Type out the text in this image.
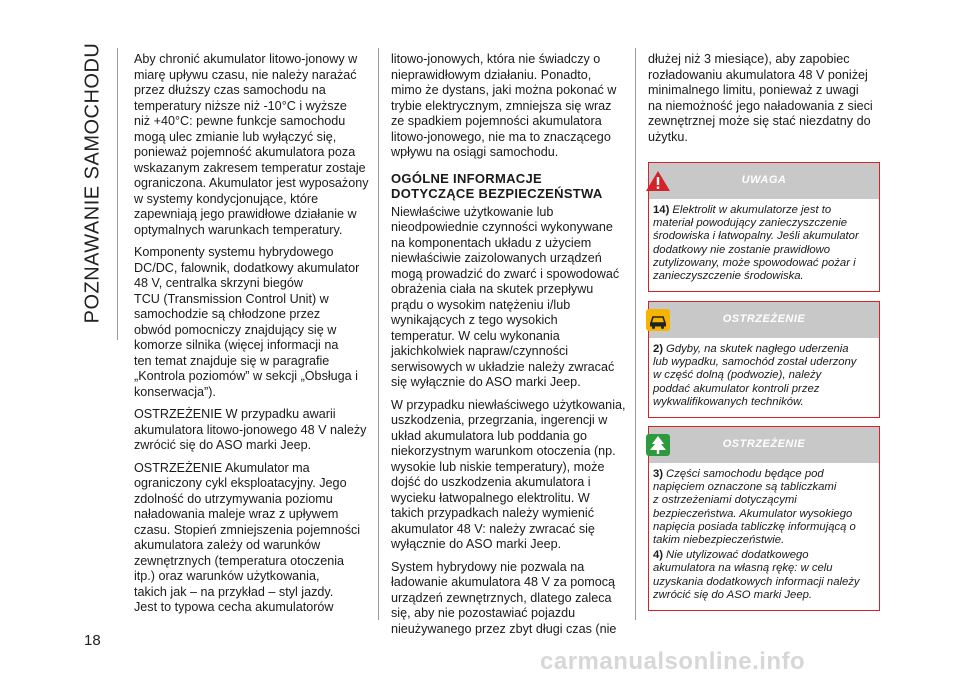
POZNAWANIE SAMOCHODU
18

Aby chronić akumulator litowo-jonowy w
miarę upływu czasu, nie należy narażać
przez dłuższy czas samochodu na
temperatury niższe niż -10°C i wyższe
niż +40°C: pewne funkcje samochodu
mogą ulec zmianie lub wyłączyć się,
ponieważ pojemność akumulatora poza
wskazanym zakresem temperatur zostaje
ograniczona. Akumulator jest wyposażony
w systemy kondycjonujące, które
zapewniają jego prawidłowe działanie w
optymalnych warunkach temperatury.

Komponenty systemu hybrydowego
DC/DC, falownik, dodatkowy akumulator
48 V, centralka skrzyni biegów
TCU (Transmission Control Unit) w
samochodzie są chłodzone przez
obwód pomocniczy znajdujący się w
komorze silnika (więcej informacji na
ten temat znajduje się w paragrafie
„Kontrola poziomów” w sekcji „Obsługa i
konserwacja”).

OSTRZEŻENIE W przypadku awarii
akumulatora litowo-jonowego 48 V należy
zwrócić się do ASO marki Jeep.

OSTRZEŻENIE Akumulator ma
ograniczony cykl eksploatacyjny. Jego
zdolność do utrzymywania poziomu
naładowania maleje wraz z upływem
czasu. Stopień zmniejszenia pojemności
akumulatora zależy od warunków
zewnętrznych (temperatura otoczenia
itp.) oraz warunków użytkowania,
takich jak – na przykład – styl jazdy.
Jest to typowa cecha akumulatorów

litowo-jonowych, która nie świadczy o
nieprawidłowym działaniu. Ponadto,
mimo że dystans, jaki można pokonać w
trybie elektrycznym, zmniejsza się wraz
ze spadkiem pojemności akumulatora
litowo-jonowego, nie ma to znaczącego
wpływu na osiągi samochodu.

OGÓLNE INFORMACJE
DOTYCZĄCE BEZPIECZEŃSTWA

Niewłaściwe użytkowanie lub
nieodpowiednie czynności wykonywane
na komponentach układu z użyciem
niewłaściwie zaizolowanych urządzeń
mogą prowadzić do zwarć i spowodować
obrażenia ciała na skutek przepływu
prądu o wysokim natężeniu i/lub
wynikających z tego wysokich
temperatur. W celu wykonania
jakichkolwiek napraw/czynności
serwisowych w układzie należy zwracać
się wyłącznie do ASO marki Jeep.

W przypadku niewłaściwego użytkowania,
uszkodzenia, przegrzania, ingerencji w
układ akumulatora lub poddania go
niekorzystnym warunkom otoczenia (np.
wysokie lub niskie temperatury), może
dojść do uszkodzenia akumulatora i
wycieku łatwopalnego elektrolitu. W
takich przypadkach należy wymienić
akumulator 48 V: należy zwracać się
wyłącznie do ASO marki Jeep.

System hybrydowy nie pozwala na
ładowanie akumulatora 48 V za pomocą
urządzeń zewnętrznych, dlatego zaleca
się, aby nie pozostawiać pojazdu
nieużywanego przez zbyt długi czas (nie

dłużej niż 3 miesiące), aby zapobiec
rozładowaniu akumulatora 48 V poniżej
minimalnego limitu, ponieważ z uwagi
na niemożność jego naładowania z sieci
zewnętrznej może się stać niezdatny do
użytku.

UWAGA

14) Elektrolit w akumulatorze jest to
materiał powodujący zanieczyszczenie
środowiska i łatwopalny. Jeśli akumulator
dodatkowy nie zostanie prawidłowo
zutylizowany, może spowodować pożar i
zanieczyszczenie środowiska.

OSTRZEŻENIE

2) Gdyby, na skutek nagłego uderzenia
lub wypadku, samochód został uderzony
w część dolną (podwozie), należy
poddać akumulator kontroli przez
wykwalifikowanych techników.

OSTRZEŻENIE

3) Części samochodu będące pod
napięciem oznaczone są tabliczkami
z ostrzeżeniami dotyczącymi
bezpieczeństwa. Akumulator wysokiego
napięcia posiada tabliczkę informującą o
takim niebezpieczeństwie.

4) Nie utylizować dodatkowego
akumulatora na własną rękę: w celu
uzyskania dodatkowych informacji należy
zwrócić się do ASO marki Jeep.

carmanualsonline.info
